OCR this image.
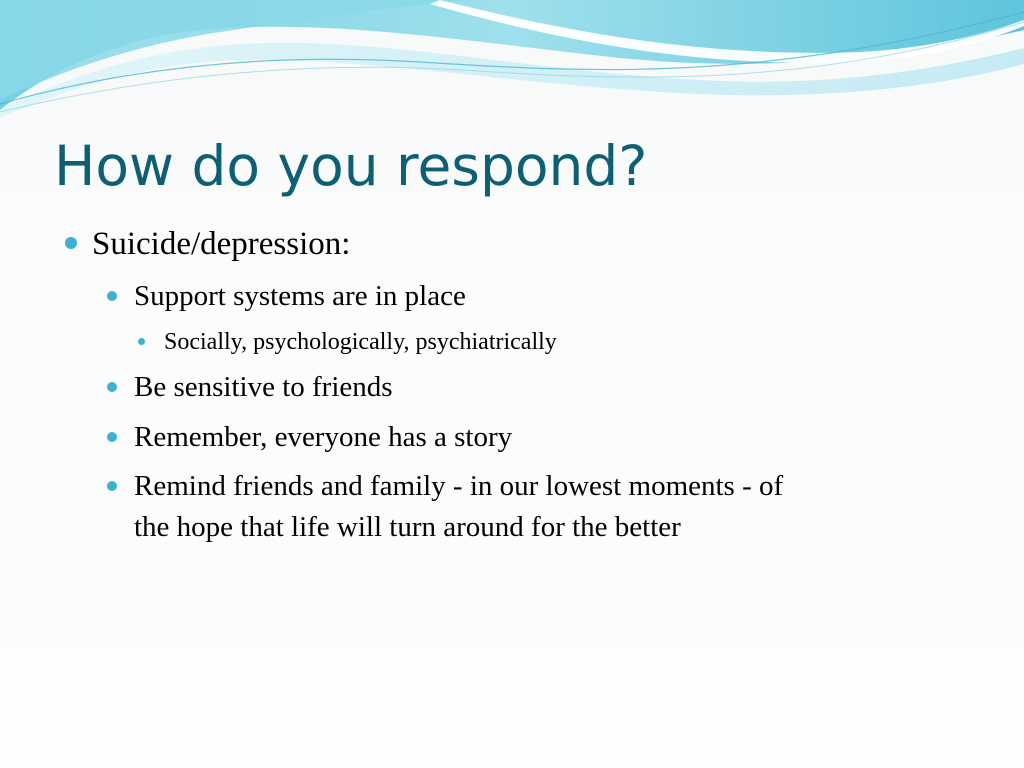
How do you respond?
Suicide/depression:
Support systems are in place
Socially, psychologically, psychiatrically
Be sensitive to friends
Remember, everyone has a story
Remind friends and family - in our lowest moments - of
the hope that life will turn around for the better
